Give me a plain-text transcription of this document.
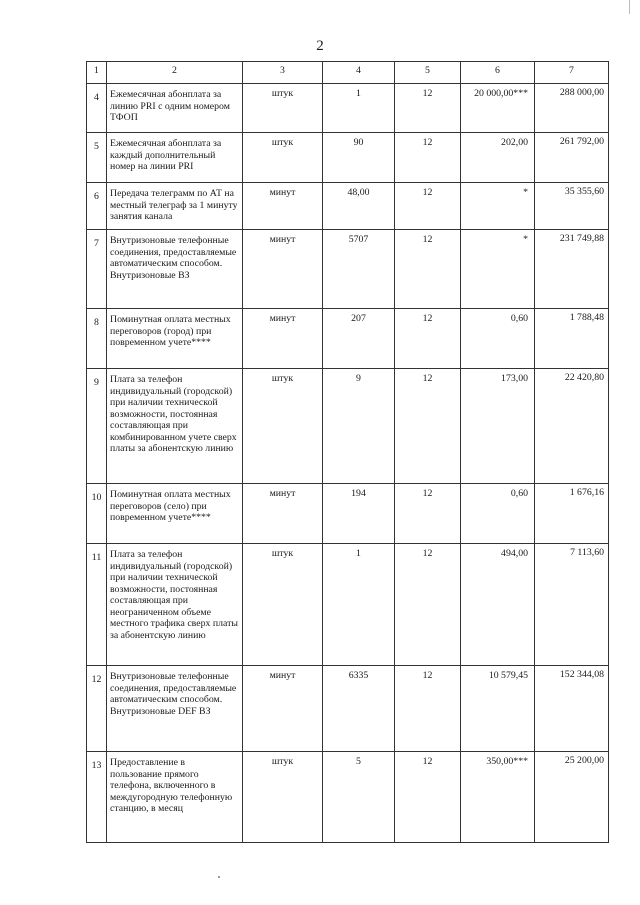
2
1	2	3	4	5	6	7
4	Ежемесячная абонплата за линию PRI с одним номером ТФОП	штук	1	12	20 000,00***	288 000,00
5	Ежемесячная абонплата за каждый дополнительный номер на линии PRI	штук	90	12	202,00	261 792,00
6	Передача телеграмм по АТ на местный телеграф за 1 минуту занятия канала	минут	48,00	12	*	35 355,60
7	Внутризоновые телефонные соединения, предоставляемые автоматическим способом. Внутризоновые ВЗ	минут	5707	12	*	231 749,88
8	Поминутная оплата местных переговоров (город) при повременном учете****	минут	207	12	0,60	1 788,48
9	Плата за телефон индивидуальный (городской) при наличии технической возможности, постоянная составляющая при комбинированном учете сверх платы за абонентскую линию	штук	9	12	173,00	22 420,80
10	Поминутная оплата местных переговоров (село) при повременном учете****	минут	194	12	0,60	1 676,16
11	Плата за телефон индивидуальный (городской) при наличии технической возможности, постоянная составляющая при неограниченном объеме местного трафика сверх платы за абонентскую линию	штук	1	12	494,00	7 113,60
12	Внутризоновые телефонные соединения, предоставляемые автоматическим способом. Внутризоновые DEF ВЗ	минут	6335	12	10 579,45	152 344,08
13	Предоставление в пользование прямого телефона, включенного в междугородную телефонную станцию, в месяц	штук	5	12	350,00***	25 200,00
